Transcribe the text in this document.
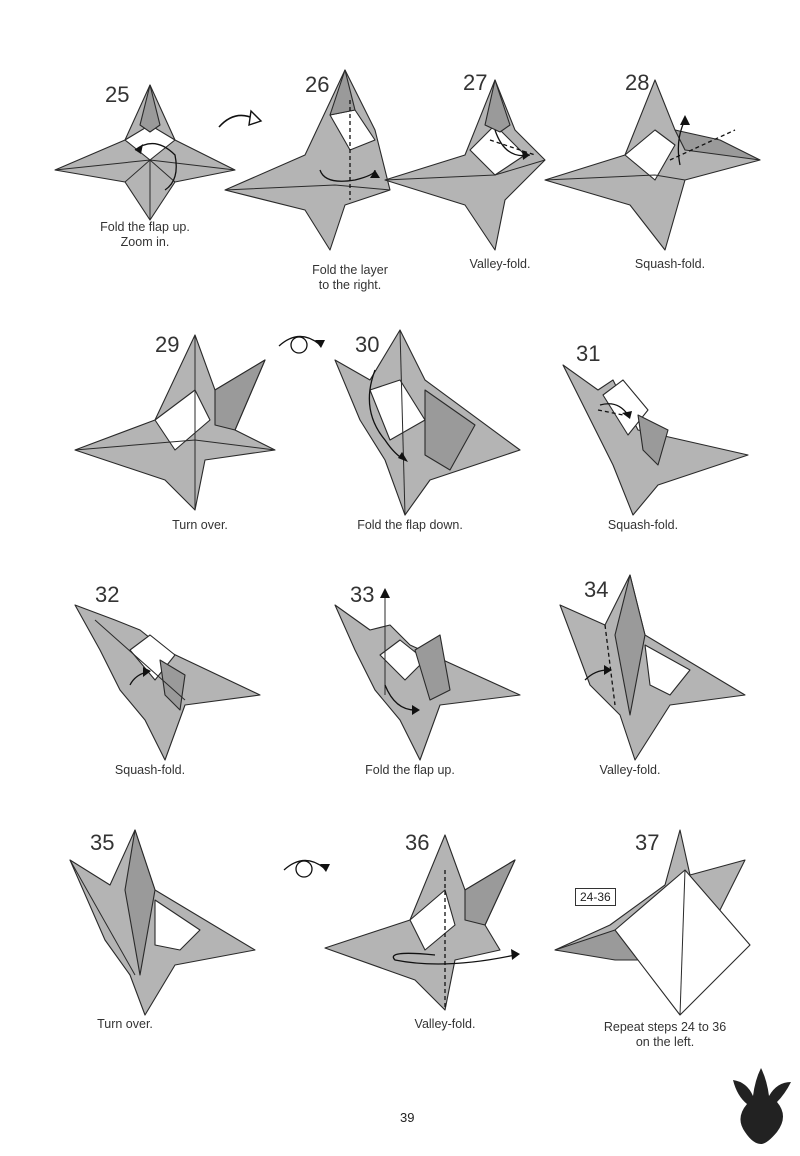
25
Fold the flap up.
Zoom in.
26
Fold the layer
to the right.
27
Valley-fold.
28
Squash-fold.
29
Turn over.
30
Fold the flap down.
31
Squash-fold.
32
Squash-fold.
33
Fold the flap up.
34
Valley-fold.
35
Turn over.
36
Valley-fold.
37
24-36
Repeat steps 24 to 36
on the left.
39
